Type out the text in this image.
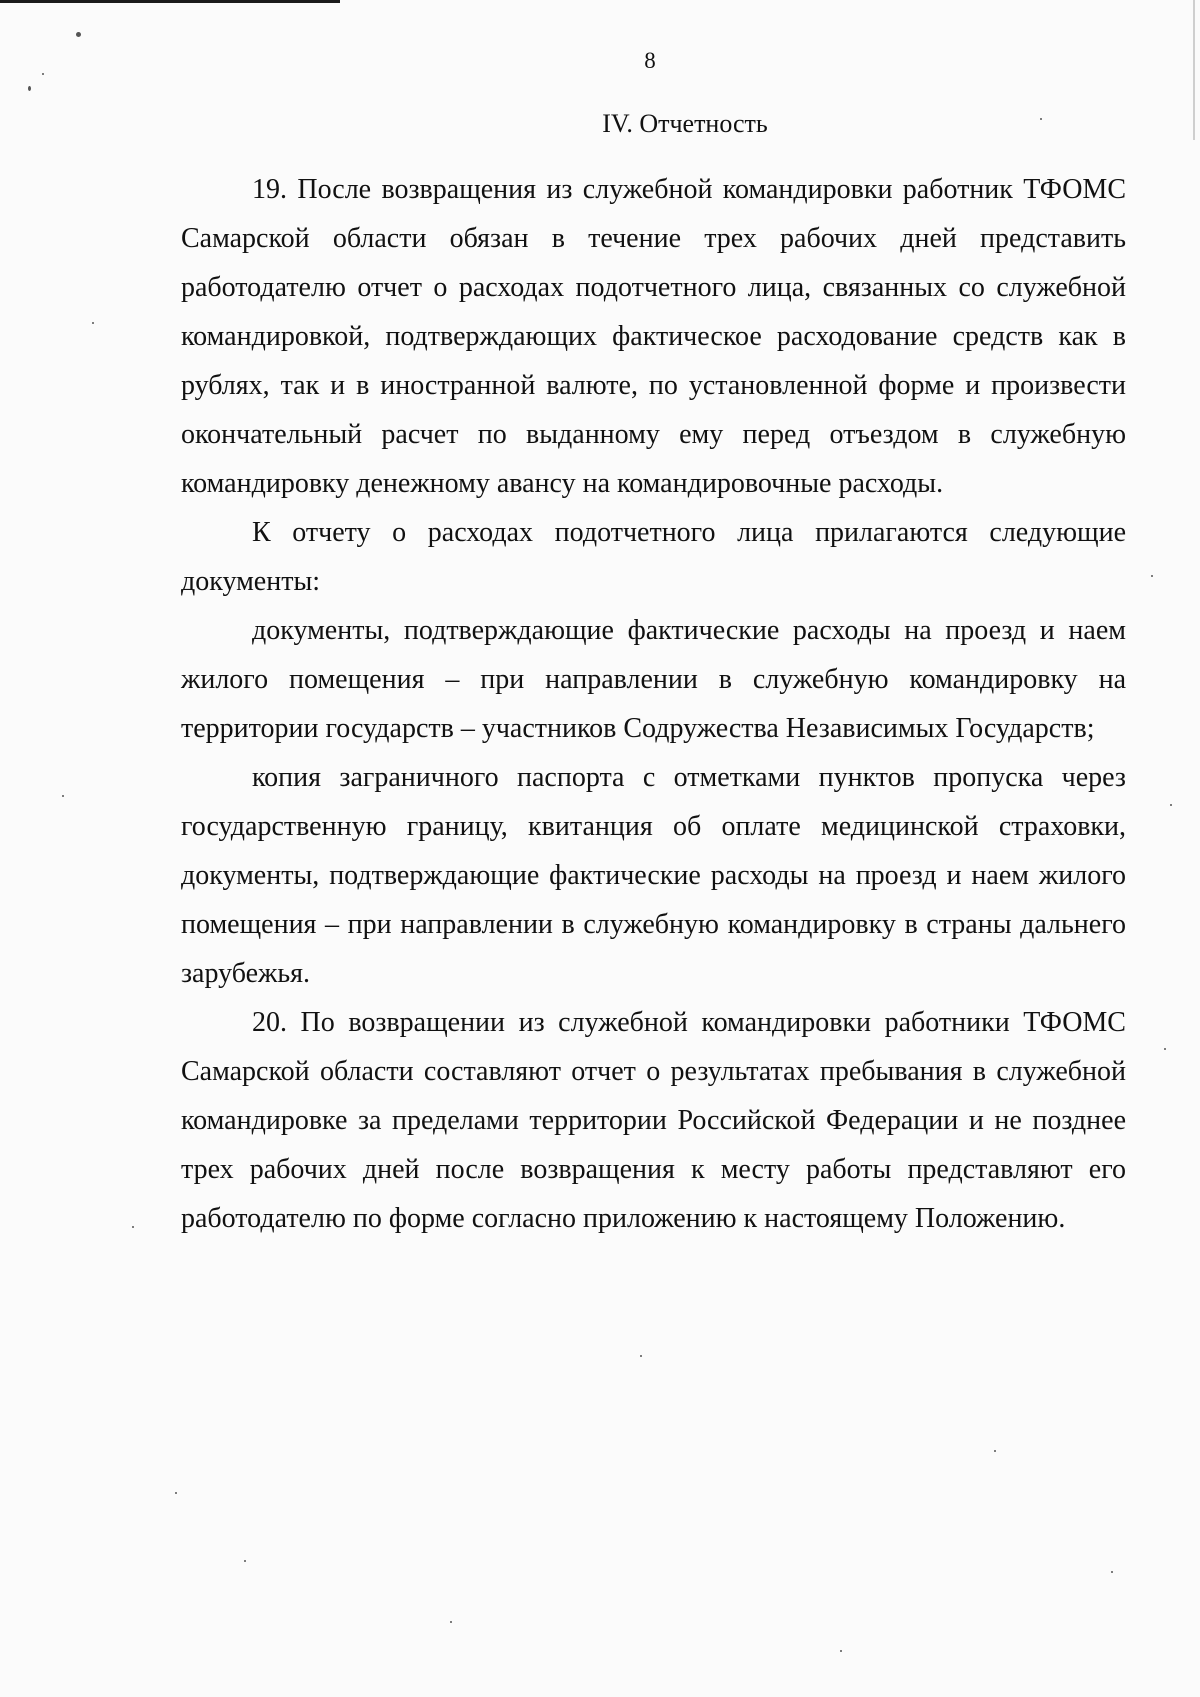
8
IV. Отчетность

19. После возвращения из служебной командировки работник ТФОМС Самарской области обязан в течение трех рабочих дней представить работодателю отчет о расходах подотчетного лица, связанных со служебной командировкой, подтверждающих фактическое расходование средств как в рублях, так и в иностранной валюте, по установленной форме и произвести окончательный расчет по выданному ему перед отъездом в служебную командировку денежному авансу на командировочные расходы.

К отчету о расходах подотчетного лица прилагаются следующие документы:

документы, подтверждающие фактические расходы на проезд и наем жилого помещения – при направлении в служебную командировку на территории государств – участников Содружества Независимых Государств;

копия заграничного паспорта с отметками пунктов пропуска через государственную границу, квитанция об оплате медицинской страховки, документы, подтверждающие фактические расходы на проезд и наем жилого помещения – при направлении в служебную командировку в страны дальнего зарубежья.

20. По возвращении из служебной командировки работники ТФОМС Самарской области составляют отчет о результатах пребывания в служебной командировке за пределами территории Российской Федерации и не позднее трех рабочих дней после возвращения к месту работы представляют его работодателю по форме согласно приложению к настоящему Положению.
